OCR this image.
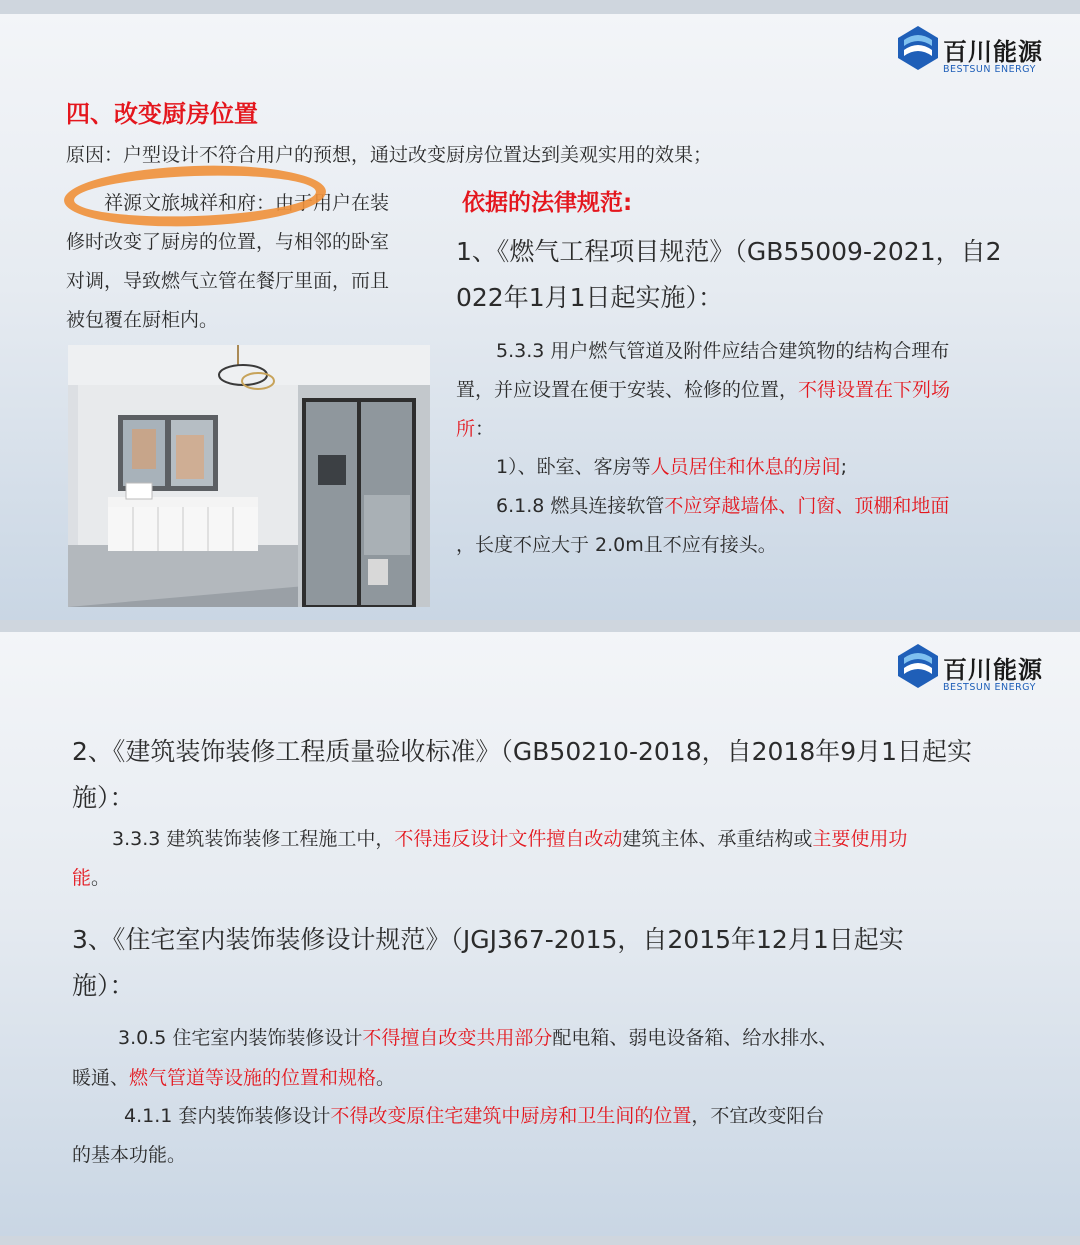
百川能源
BESTSUN ENERGY
四、改变厨房位置
原因：户型设计不符合用户的预想，通过改变厨房位置达到美观实用的效果；
祥源文旅城祥和府：由于用户在装
修时改变了厨房的位置，与相邻的卧室
对调，导致燃气立管在餐厅里面，而且
被包覆在厨柜内。
依据的法律规范:
1、《燃气工程项目规范》（GB55009-2021，自2
022年1月1日起实施）：
5.3.3 用户燃气管道及附件应结合建筑物的结构合理布
置，并应设置在便于安装、检修的位置，不得设置在下列场
所：
1）、卧室、客房等人员居住和休息的房间;
6.1.8 燃具连接软管不应穿越墙体、门窗、顶棚和地面
，长度不应大于 2.0m且不应有接头。
百川能源
BESTSUN ENERGY
2、《建筑装饰装修工程质量验收标准》（GB50210-2018，自2018年9月1日起实
施）：
3.3.3 建筑装饰装修工程施工中，不得违反设计文件擅自改动建筑主体、承重结构或主要使用功
能。
3、《住宅室内装饰装修设计规范》（JGJ367-2015，自2015年12月1日起实
施）：
3.0.5 住宅室内装饰装修设计不得擅自改变共用部分配电箱、弱电设备箱、给水排水、
暖通、燃气管道等设施的位置和规格。
4.1.1 套内装饰装修设计不得改变原住宅建筑中厨房和卫生间的位置，不宜改变阳台
的基本功能。
